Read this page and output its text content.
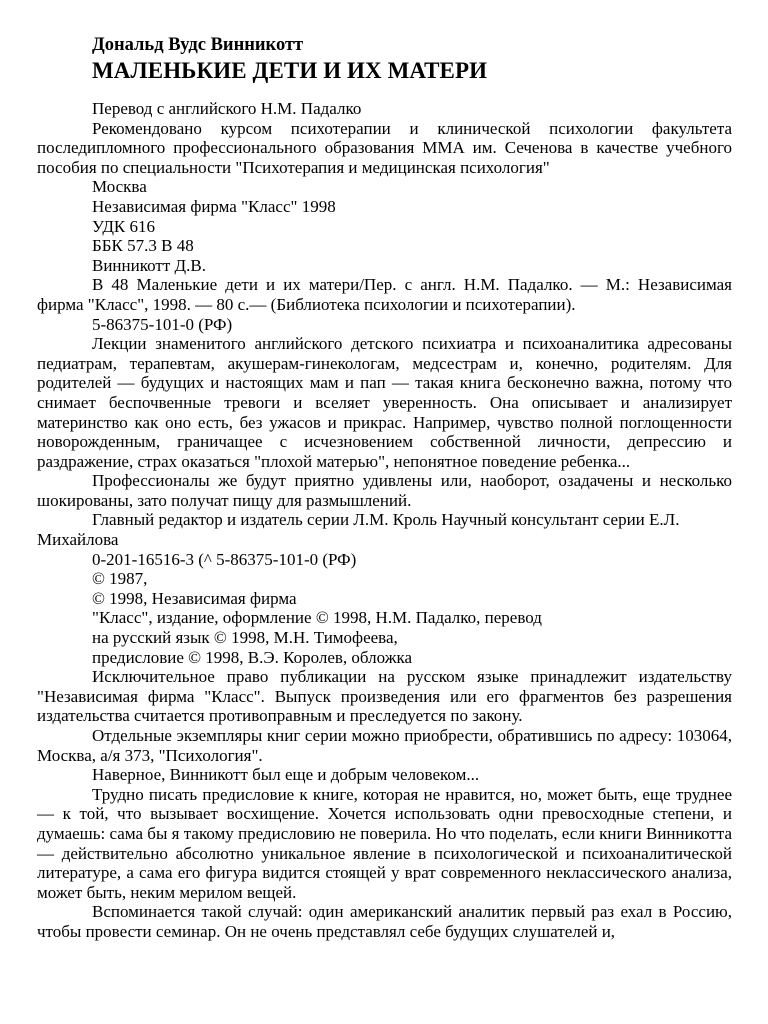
Дональд Вудс Винникотт
МАЛЕНЬКИЕ ДЕТИ И ИХ МАТЕРИ

Перевод с английского Н.М. Падалко

Рекомендовано курсом психотерапии и клинической психологии факультета последипломного профессионального образования ММА им. Сеченова в качестве учебного пособия по специальности "Психотерапия и медицинская психология"

Москва

Независимая фирма "Класс" 1998

УДК 616

ББК 57.3 В 48

Винникотт Д.В.

В 48 Маленькие дети и их матери/Пер. с англ. Н.М. Падалко. — М.: Независимая фирма "Класс", 1998. — 80 с.— (Библиотека психологии и психотерапии).

5-86375-101-0 (РФ)

Лекции знаменитого английского детского психиатра и психоаналитика адресованы педиатрам, терапевтам, акушерам-гинекологам, медсестрам и, конечно, родителям. Для родителей — будущих и настоящих мам и пап — такая книга бесконечно важна, потому что снимает беспочвенные тревоги и вселяет уверенность. Она описывает и анализирует материнство как оно есть, без ужасов и прикрас. Например, чувство полной поглощенности новорожденным, граничащее с исчезновением собственной личности, депрессию и раздражение, страх оказаться "плохой матерью", непонятное поведение ребенка...

Профессионалы же будут приятно удивлены или, наоборот, озадачены и несколько шокированы, зато получат пищу для размышлений.

Главный редактор и издатель серии Л.М. Кроль Научный консультант серии Е.Л. Михайлова

0-201-16516-3 (^ 5-86375-101-0 (РФ)

© 1987,

© 1998, Независимая фирма

"Класс", издание, оформление © 1998, Н.М. Падалко, перевод

на русский язык © 1998, М.Н. Тимофеева,

предисловие © 1998, В.Э. Королев, обложка

Исключительное право публикации на русском языке принадлежит издательству "Независимая фирма "Класс". Выпуск произведения или его фрагментов без разрешения издательства считается противоправным и преследуется по закону.

Отдельные экземпляры книг серии можно приобрести, обратившись по адресу: 103064, Москва, а/я 373, "Психология".

Наверное, Винникотт был еще и добрым человеком...

Трудно писать предисловие к книге, которая не нравится, но, может быть, еще труднее — к той, что вызывает восхищение. Хочется использовать одни превосходные степени, и думаешь: сама бы я такому предисловию не поверила. Но что поделать, если книги Винникотта — действительно абсолютно уникальное явление в психологической и психоаналитической литературе, а сама его фигура видится стоящей у врат современного неклассического анализа, может быть, неким мерилом вещей.

Вспоминается такой случай: один американский аналитик первый раз ехал в Россию, чтобы провести семинар. Он не очень представлял себе будущих слушателей и,
